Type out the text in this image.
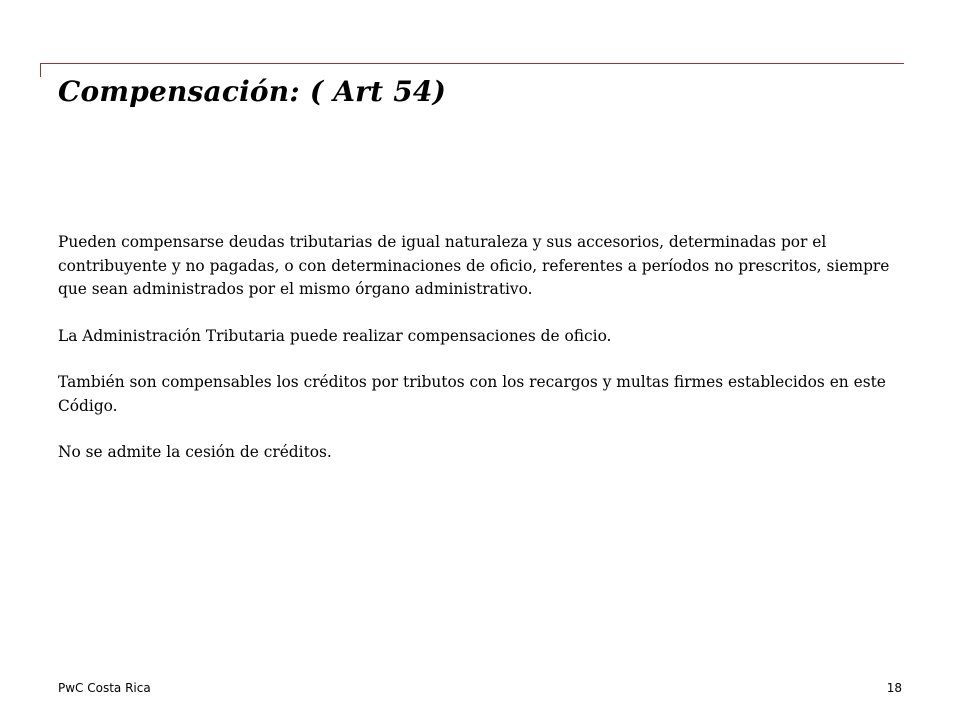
Compensación: ( Art 54)

Pueden compensarse deudas tributarias de igual naturaleza y sus accesorios, determinadas por el contribuyente y no pagadas, o con determinaciones de oficio, referentes a períodos no prescritos, siempre que sean administrados por el mismo órgano administrativo.

La Administración Tributaria puede realizar compensaciones de oficio.

También son compensables los créditos por tributos con los recargos y multas firmes establecidos en este Código.

No se admite la cesión de créditos.

PwC Costa Rica	18
